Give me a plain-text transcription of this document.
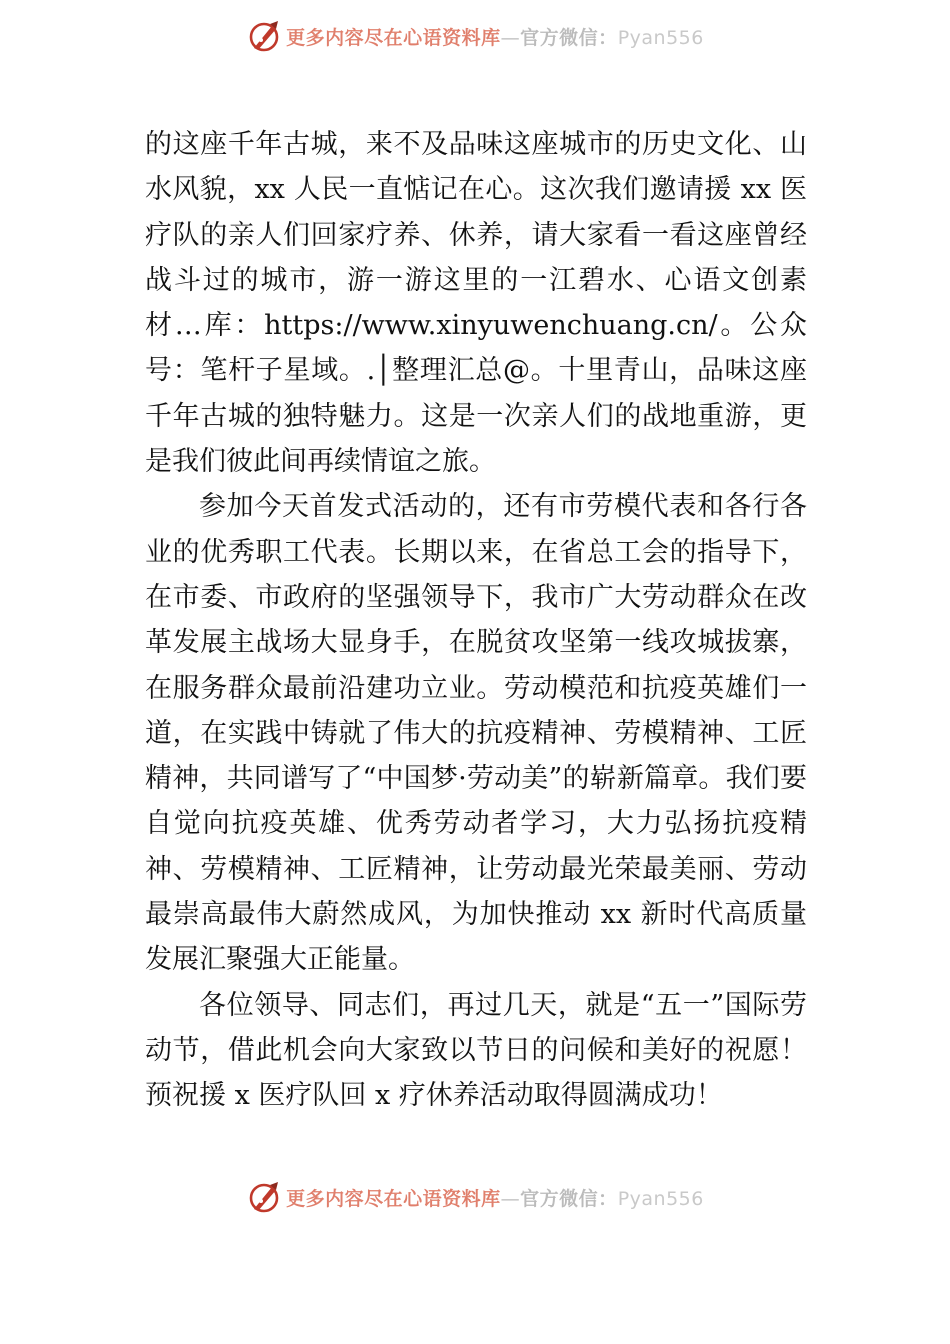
更多内容尽在心语资料库—官方微信：Pyan556

的这座千年古城，来不及品味这座城市的历史文化、山水风貌，xx 人民一直惦记在心。这次我们邀请援 xx 医疗队的亲人们回家疗养、休养，请大家看一看这座曾经战斗过的城市，游一游这里的一江碧水、心语文创素材…库：https://www.xinyuwenchuang.cn/。公众号：笔杆子星域。.│整理汇总@。十里青山，品味这座千年古城的独特魅力。这是一次亲人们的战地重游，更是我们彼此间再续情谊之旅。

参加今天首发式活动的，还有市劳模代表和各行各业的优秀职工代表。长期以来，在省总工会的指导下，在市委、市政府的坚强领导下，我市广大劳动群众在改革发展主战场大显身手，在脱贫攻坚第一线攻城拔寨，在服务群众最前沿建功立业。劳动模范和抗疫英雄们一道，在实践中铸就了伟大的抗疫精神、劳模精神、工匠精神，共同谱写了“中国梦·劳动美”的崭新篇章。我们要自觉向抗疫英雄、优秀劳动者学习，大力弘扬抗疫精神、劳模精神、工匠精神，让劳动最光荣最美丽、劳动最崇高最伟大蔚然成风，为加快推动 xx 新时代高质量发展汇聚强大正能量。

各位领导、同志们，再过几天，就是“五一”国际劳动节，借此机会向大家致以节日的问候和美好的祝愿！预祝援 x 医疗队回 x 疗休养活动取得圆满成功！

更多内容尽在心语资料库—官方微信：Pyan556
